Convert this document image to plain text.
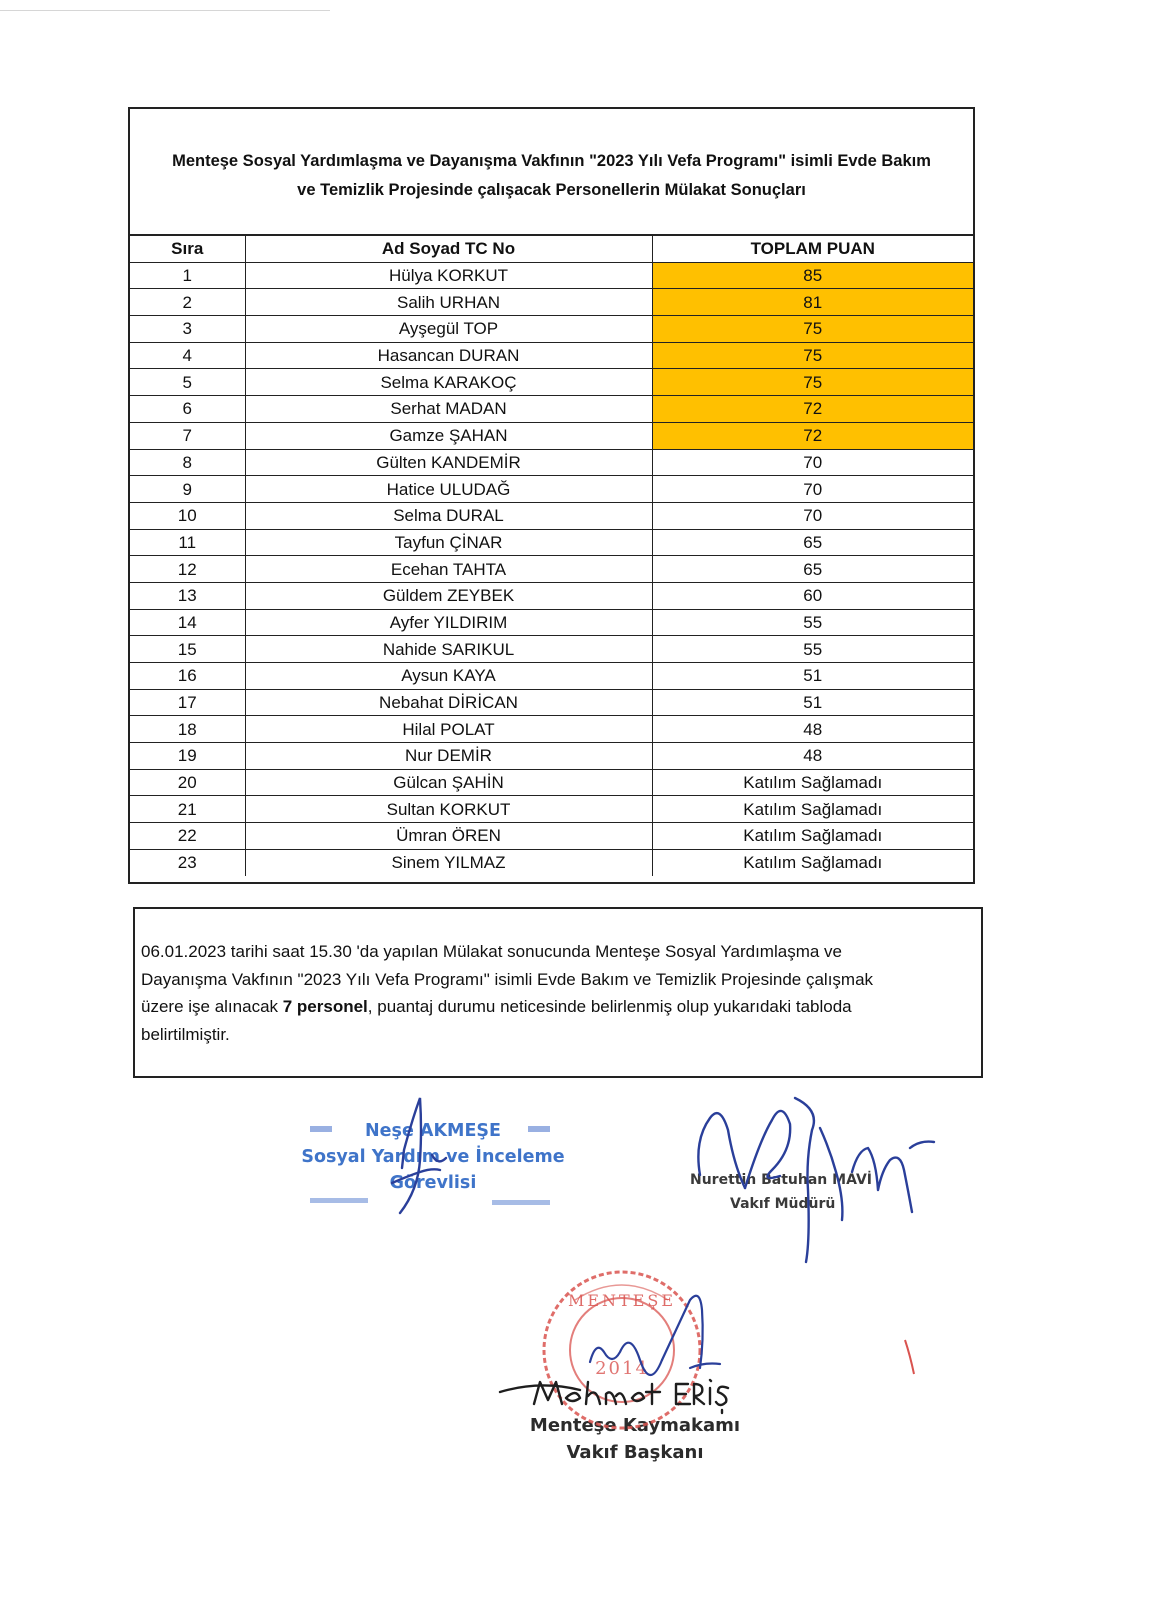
Menteşe Sosyal Yardımlaşma ve Dayanışma Vakfının "2023 Yılı Vefa Programı" isimli Evde Bakım
ve Temizlik Projesinde çalışacak Personellerin Mülakat Sonuçları
Sıra	Ad Soyad TC No	TOPLAM PUAN
1	Hülya KORKUT	85
2	Salih URHAN	81
3	Ayşegül TOP	75
4	Hasancan DURAN	75
5	Selma KARAKOÇ	75
6	Serhat MADAN	72
7	Gamze ŞAHAN	72
8	Gülten KANDEMİR	70
9	Hatice ULUDAĞ	70
10	Selma DURAL	70
11	Tayfun ÇİNAR	65
12	Ecehan TAHTA	65
13	Güldem ZEYBEK	60
14	Ayfer YILDIRIM	55
15	Nahide SARIKUL	55
16	Aysun KAYA	51
17	Nebahat DİRİCAN	51
18	Hilal POLAT	48
19	Nur DEMİR	48
20	Gülcan ŞAHİN	Katılım Sağlamadı
21	Sultan KORKUT	Katılım Sağlamadı
22	Ümran ÖREN	Katılım Sağlamadı
23	Sinem YILMAZ	Katılım Sağlamadı
06.01.2023 tarihi saat 15.30 'da yapılan Mülakat sonucunda Menteşe Sosyal Yardımlaşma ve
Dayanışma Vakfının "2023 Yılı Vefa Programı" isimli Evde Bakım ve Temizlik Projesinde çalışmak
üzere işe alınacak 7 personel, puantaj durumu neticesinde belirlenmiş olup yukarıdaki tabloda
belirtilmiştir.
Neşe AKMEŞE
Sosyal Yardım ve İnceleme
Görevlisi	Nurettin Batuhan MAVİ
Vakıf Müdürü
Menteşe Kaymakamı
Vakıf Başkanı
MENTEŞE
2014
